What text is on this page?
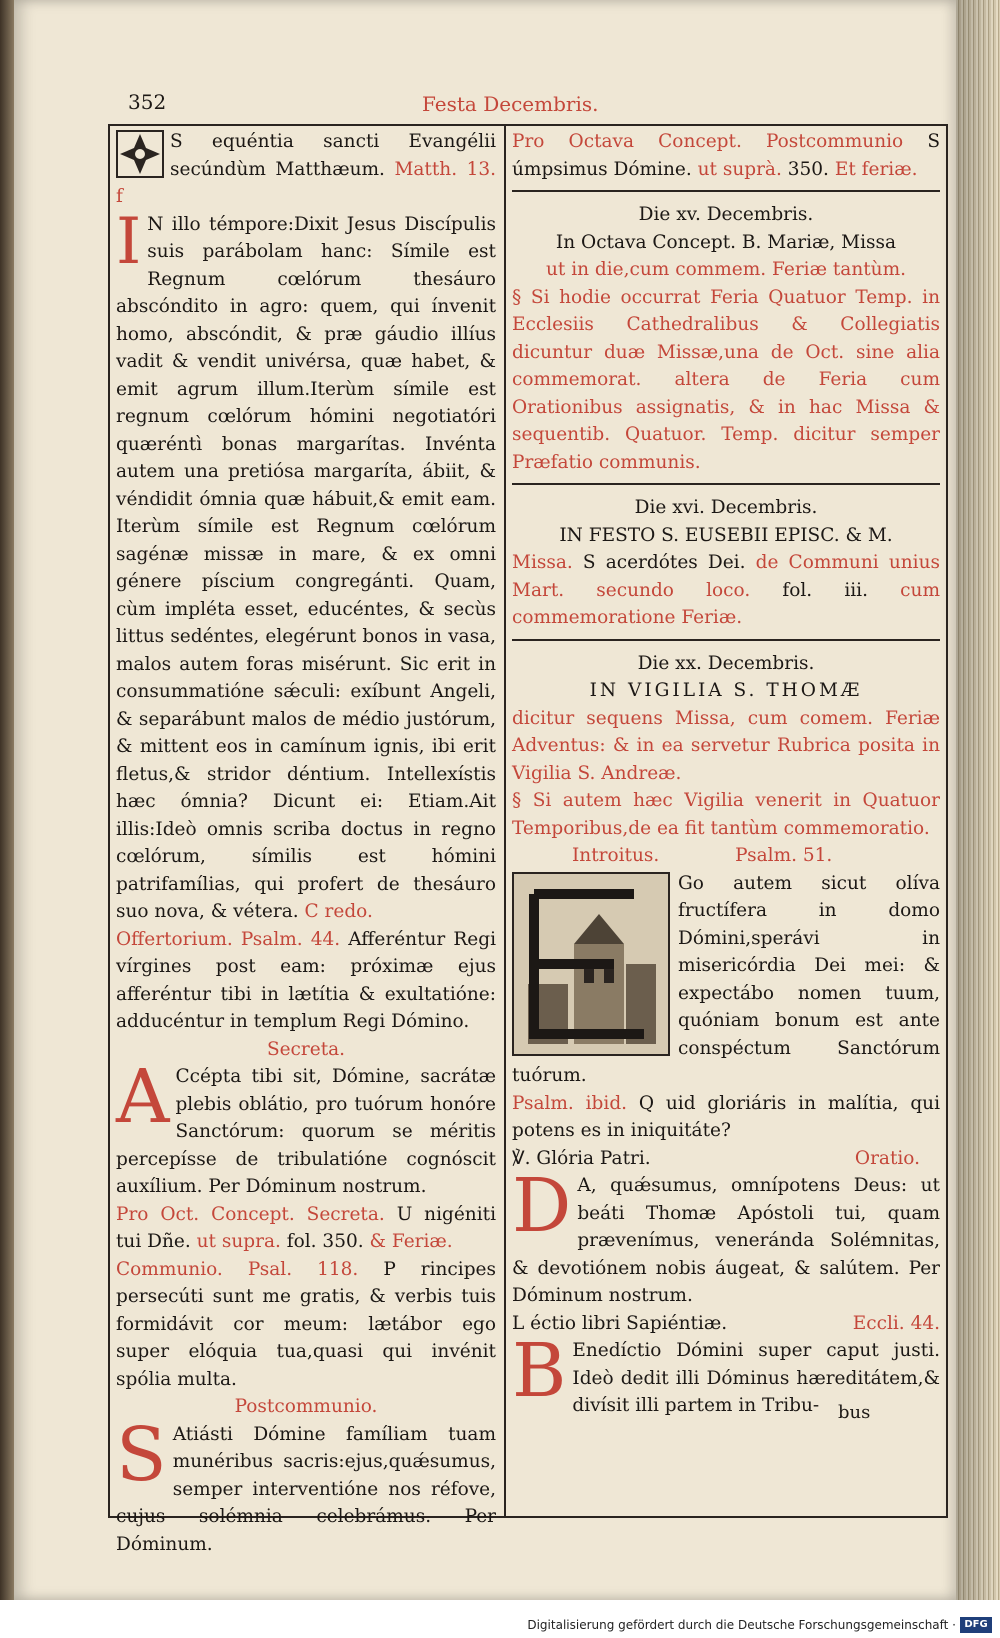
352	Festa Decembris.

S equéntia sancti Evangélii secúndùm Matthæum. Matth. 13. f

I N illo témpore:Dixit Jesus Discípulis suis parábolam hanc: Símile est Regnum cœlórum thesáuro abscóndito in agro: quem, qui ínvenit homo, abscóndit, & præ gáudio illíus vadit & vendit univérsa, quæ habet, & emit agrum illum.Iterùm símile est regnum cœlórum hómini negotiatóri quæréntì bonas margarítas. Invénta autem una pretiósa margaríta, ábiit, & véndidit ómnia quæ hábuit,& emit eam. Iterùm símile est Regnum cœlórum sagénæ missæ in mare, & ex omni génere píscium congregánti. Quam, cùm impléta esset, educéntes, & secùs littus sedéntes, elegérunt bonos in vasa, malos autem foras misérunt. Sic erit in consummatióne sǽculi: exíbunt Angeli, & separábunt malos de médio justórum, & mittent eos in camínum ignis, ibi erit fletus,& stridor déntium. Intellexístis hæc ómnia? Dicunt ei: Etiam.Ait illis:Ideò omnis scriba doctus in regno cœlórum, símilis est hómini patrifamílias, qui profert de thesáuro suo nova, & vétera. C redo.

Offertorium. Psalm. 44. Afferéntur Regi vírgines post eam: próximæ ejus afferéntur tibi in lætítia & exultatióne: adducéntur in templum Regi Dómino.

Secreta.

A Ccépta tibi sit, Dómine, sacrátæ plebis oblátio, pro tuórum honóre Sanctórum: quorum se méritis percepísse de tribulatióne cognóscit auxílium. Per Dóminum nostrum.

Pro Oct. Concept. Secreta. U nigéniti tui Dñe. ut supra. fol. 350. & Feriæ.

Communio. Psal. 118. P rincipes persecúti sunt me gratis, & verbis tuis formidávit cor meum: lætábor ego super elóquia tua,quasi qui invénit spólia multa.

Postcommunio.

S Atiásti Dómine famíliam tuam munéribus sacris:ejus,quǽsumus, semper interventióne nos réfove, cujus solémnia celebrámus. Per Dóminum.

Pro Octava Concept. Postcommunio S úmpsimus Dómine. ut suprà. 350. Et feriæ.

Die xv. Decembris.

In Octava Concept. B. Mariæ, Missa

ut in die,cum commem. Feriæ tantùm.

§ Si hodie occurrat Feria Quatuor Temp. in Ecclesiis Cathedralibus & Collegiatis dicuntur duæ Missæ,una de Oct. sine alia commemorat. altera de Feria cum Orationibus assignatis, & in hac Missa & sequentib. Quatuor. Temp. dicitur semper Præfatio communis.

Die xvi. Decembris.

IN FESTO S. EUSEBII EPISC. & M.

Missa. S acerdótes Dei. de Communi unius Mart. secundo loco. fol. iii. cum commemoratione Feriæ.

Die xx. Decembris.

IN VIGILIA S. THOMÆ

dicitur sequens Missa, cum comem. Feriæ Adventus: & in ea servetur Rubrica posita in Vigilia S. Andreæ.

§ Si autem hæc Vigilia venerit in Quatuor Temporibus,de ea fit tantùm commemoratio.

Introitus.	Psalm. 51.

Go autem sicut olíva fructífera in domo Dómini,sperávi in misericórdia Dei mei: & expectábo nomen tuum, quóniam bonum est ante conspéctum Sanctórum tuórum.

Psalm. ibid. Q uid gloriáris in malítia, qui potens es in iniquitáte?

℣. Glória Patri.	Oratio.

D A, quǽsumus, omnípotens Deus: ut beáti Thomæ Apóstoli tui, quam prævenímus, veneránda Solémnitas, & devotiónem nobis áugeat, & salútem. Per Dóminum nostrum.

L éctio libri Sapiéntiæ.	Eccli. 44.

B Enedíctio Dómini super caput justi. Ideò dedit illi Dóminus hæreditátem,& divísit illi partem in Tribu-	bus
Digitalisierung gefördert durch die Deutsche Forschungsgemeinschaft · DFG
